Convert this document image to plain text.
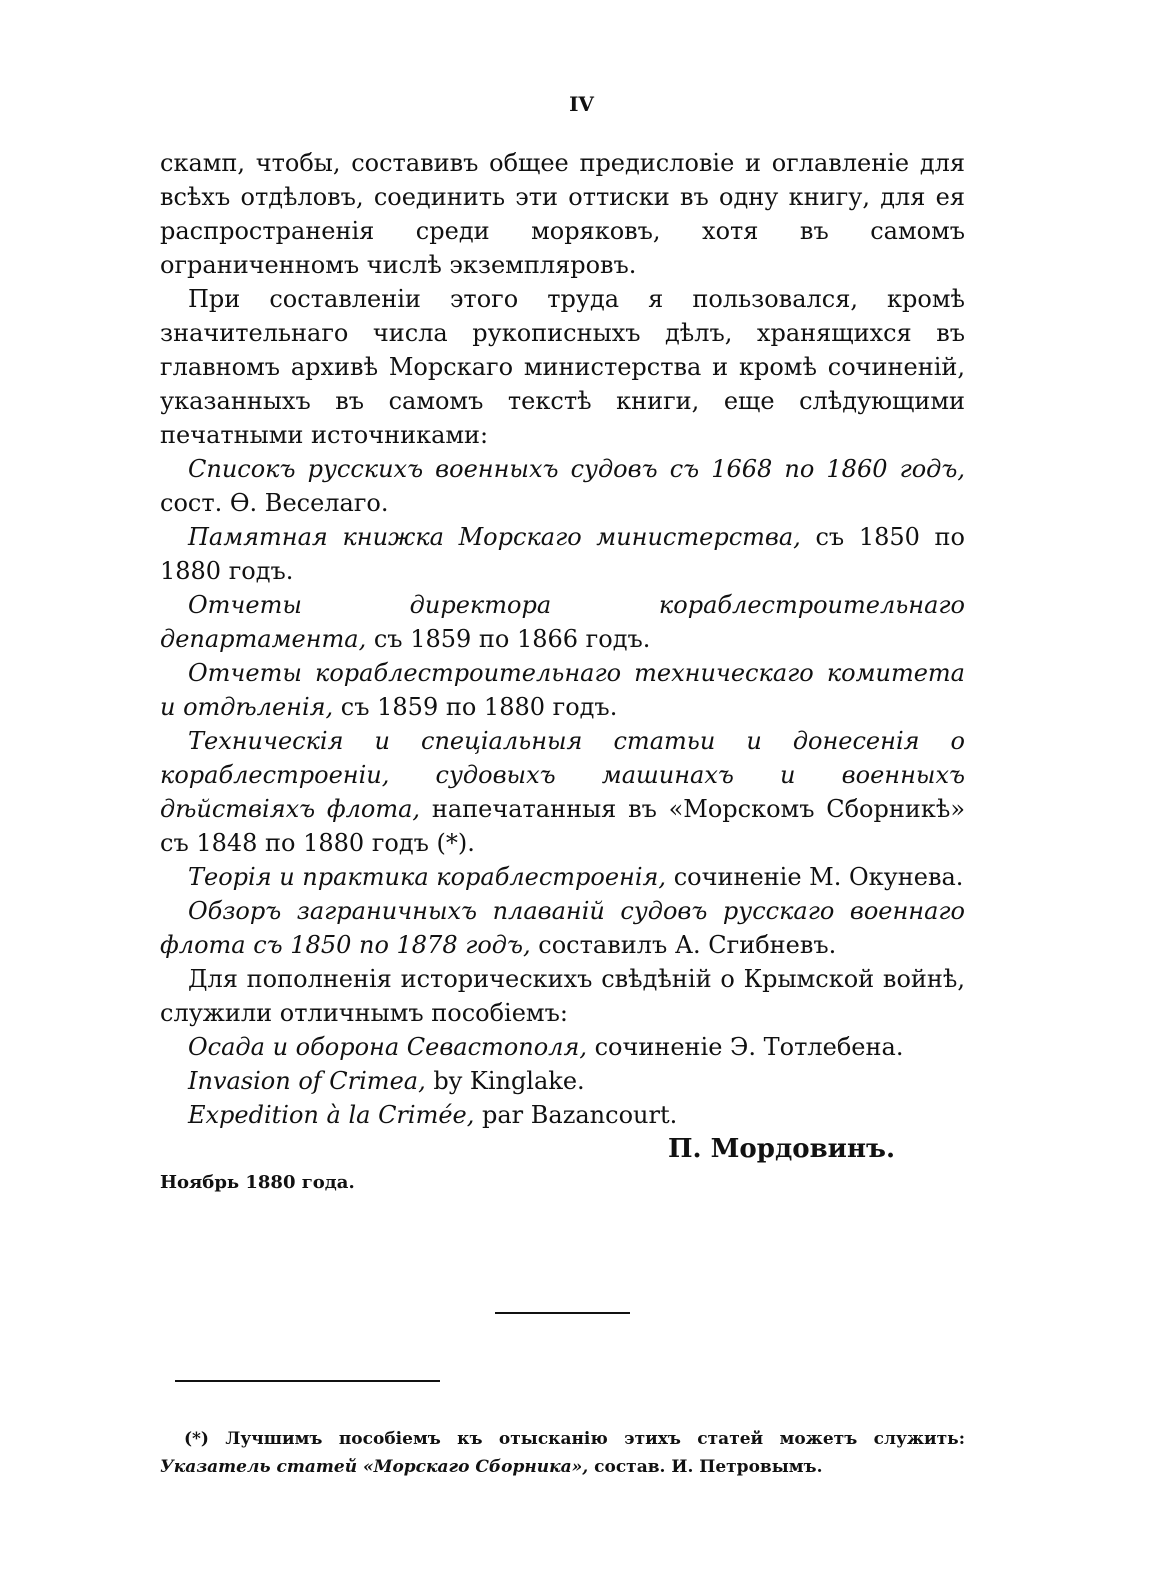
IV

скамп, чтобы, составивъ общее предисловіе и оглавленіе для всѣхъ отдѣловъ, соединить эти оттиски въ одну книгу, для ея распространенія среди моряковъ, хотя въ самомъ ограниченномъ числѣ экземпляровъ.

При составленіи этого труда я пользовался, кромѣ значительнаго числа рукописныхъ дѣлъ, хранящихся въ главномъ архивѣ Морскаго министерства и кромѣ сочиненій, указанныхъ въ самомъ текстѣ книги, еще слѣдующими печатными источниками:

Списокъ русскихъ военныхъ судовъ съ 1668 по 1860 годъ, сост. Ѳ. Веселаго.

Памятная книжка Морскаго министерства, съ 1850 по 1880 годъ.

Отчеты директора кораблестроительнаго департамента, съ 1859 по 1866 годъ.

Отчеты кораблестроительнаго техническаго комитета и отдѣленія, съ 1859 по 1880 годъ.

Техническія и спеціальныя статьи и донесенія о кораблестроеніи, судовыхъ машинахъ и военныхъ дѣйствіяхъ флота, напечатанныя въ «Морскомъ Сборникѣ» съ 1848 по 1880 годъ (*).

Теорія и практика кораблестроенія, сочиненіе М. Окунева.

Обзоръ заграничныхъ плаваній судовъ русскаго военнаго флота съ 1850 по 1878 годъ, составилъ А. Сгибневъ.

Для пополненія историческихъ свѣдѣній о Крымской войнѣ, служили отличнымъ пособіемъ:

Осада и оборона Севастополя, сочиненіе Э. Тотлебена.

Invasion of Crimea, by Kinglake.

Expedition à la Crimée, par Bazancourt.

П. Мордовинъ.

Ноябрь 1880 года.

(*) Лучшимъ пособіемъ къ отысканію этихъ статей можетъ служить: Указатель статей «Морскаго Сборника», состав. И. Петровымъ.
